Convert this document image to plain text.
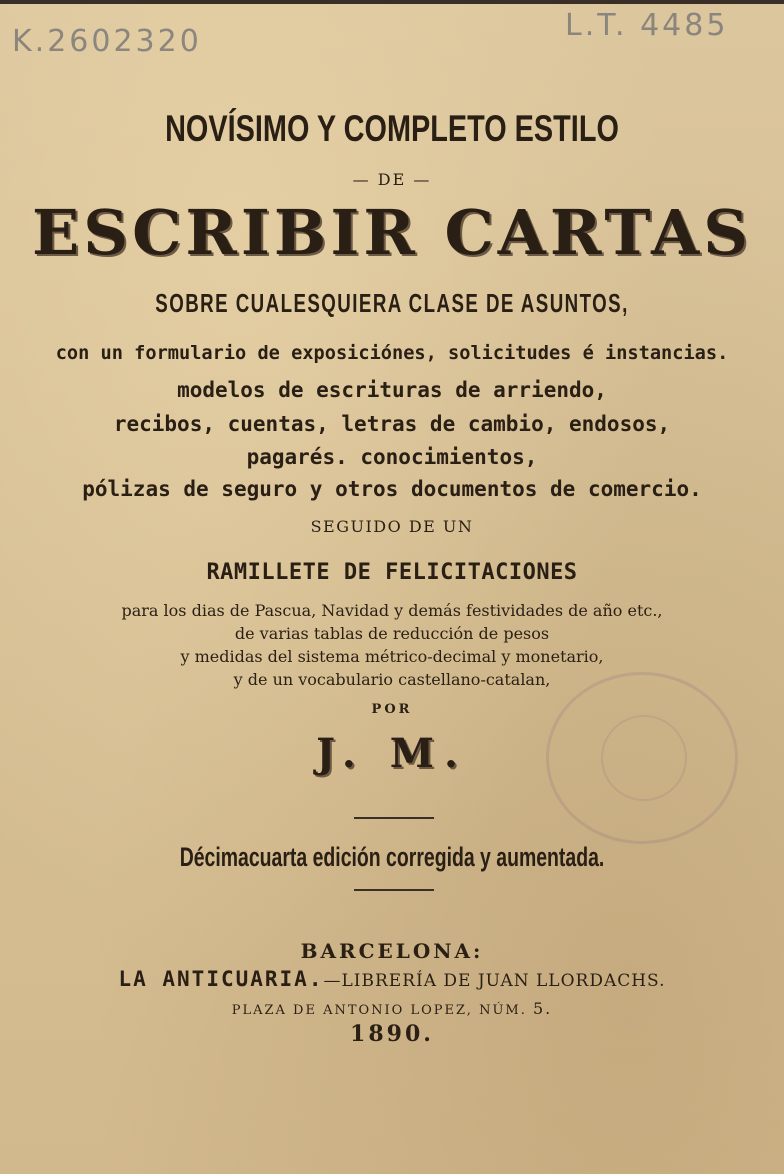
K.2602320	L.T. 4485
NOVÍSIMO Y COMPLETO ESTILO
— DE —
ESCRIBIR CARTAS
SOBRE CUALESQUIERA CLASE DE ASUNTOS,
con un formulario de exposiciónes, solicitudes é instancias.
modelos de escrituras de arriendo,
recibos, cuentas, letras de cambio, endosos,
pagarés. conocimientos,
pólizas de seguro y otros documentos de comercio.
SEGUIDO DE UN
RAMILLETE DE FELICITACIONES
para los dias de Pascua, Navidad y demás festividades de año etc.,
de varias tablas de reducción de pesos
y medidas del sistema métrico-decimal y monetario,
y de un vocabulario castellano-catalan,
POR
J. M.
Décimacuarta edición corregida y aumentada.
BARCELONA:
LA ANTICUARIA.—LIBRERÍA DE JUAN LLORDACHS.
PLAZA DE ANTONIO LOPEZ, NÚM. 5.
1890.
